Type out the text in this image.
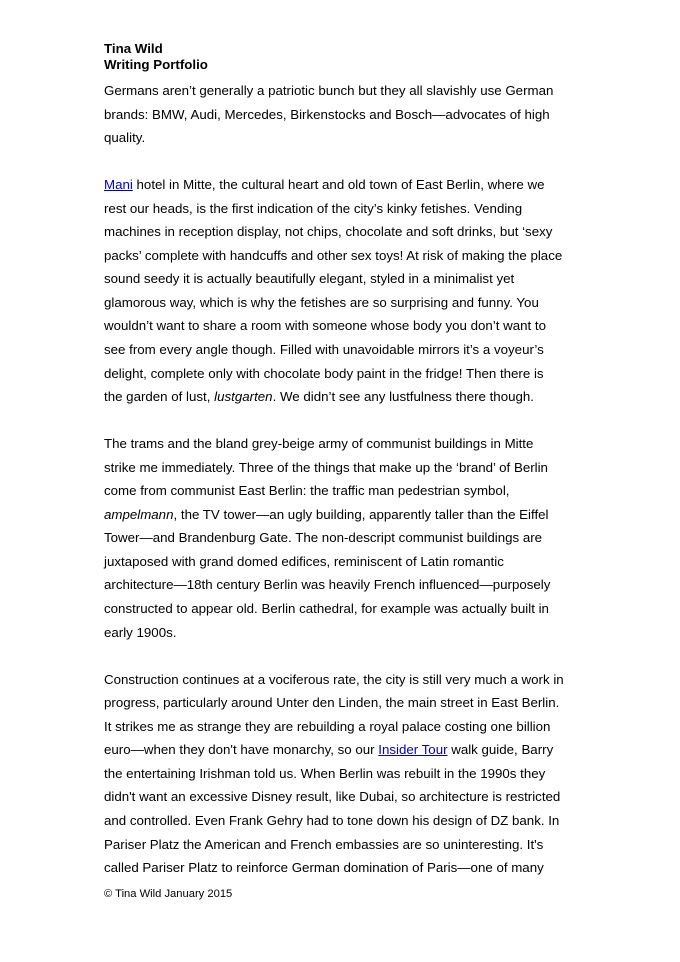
Tina Wild
Writing Portfolio
Germans aren’t generally a patriotic bunch but they all slavishly use German
brands: BMW, Audi, Mercedes, Birkenstocks and Bosch—advocates of high
quality.
Mani hotel in Mitte, the cultural heart and old town of East Berlin, where we
rest our heads, is the first indication of the city’s kinky fetishes. Vending
machines in reception display, not chips, chocolate and soft drinks, but ‘sexy
packs’ complete with handcuffs and other sex toys! At risk of making the place
sound seedy it is actually beautifully elegant, styled in a minimalist yet
glamorous way, which is why the fetishes are so surprising and funny. You
wouldn’t want to share a room with someone whose body you don’t want to
see from every angle though. Filled with unavoidable mirrors it’s a voyeur’s
delight, complete only with chocolate body paint in the fridge! Then there is
the garden of lust, lustgarten. We didn’t see any lustfulness there though.
The trams and the bland grey-beige army of communist buildings in Mitte
strike me immediately. Three of the things that make up the ‘brand’ of Berlin
come from communist East Berlin: the traffic man pedestrian symbol,
ampelmann, the TV tower—an ugly building, apparently taller than the Eiffel
Tower—and Brandenburg Gate. The non-descript communist buildings are
juxtaposed with grand domed edifices, reminiscent of Latin romantic
architecture—18th century Berlin was heavily French influenced—purposely
constructed to appear old. Berlin cathedral, for example was actually built in
early 1900s.
Construction continues at a vociferous rate, the city is still very much a work in
progress, particularly around Unter den Linden, the main street in East Berlin.
It strikes me as strange they are rebuilding a royal palace costing one billion
euro—when they don't have monarchy, so our Insider Tour walk guide, Barry
the entertaining Irishman told us. When Berlin was rebuilt in the 1990s they
didn't want an excessive Disney result, like Dubai, so architecture is restricted
and controlled. Even Frank Gehry had to tone down his design of DZ bank. In
Pariser Platz the American and French embassies are so uninteresting. It's
called Pariser Platz to reinforce German domination of Paris—one of many
© Tina Wild January 2015
